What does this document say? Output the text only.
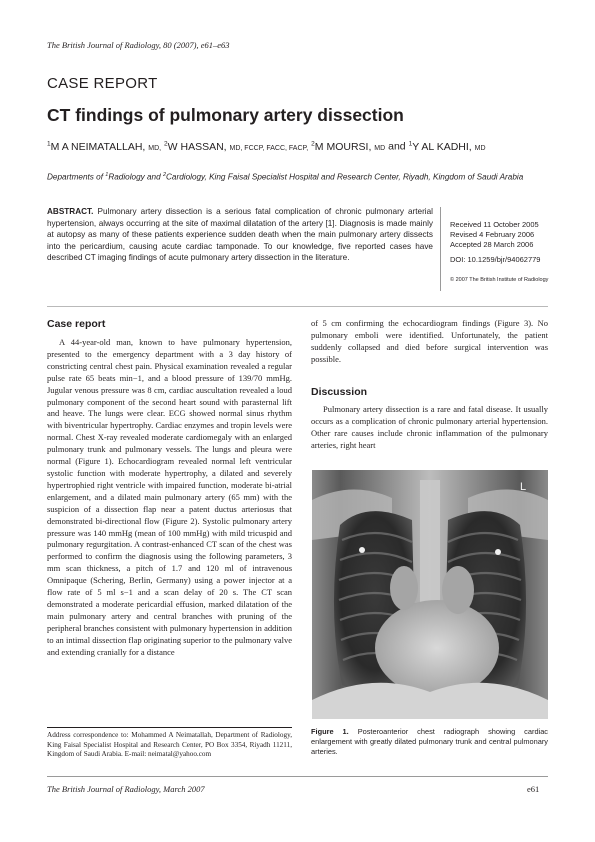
The British Journal of Radiology, 80 (2007), e61–e63
CASE REPORT
CT findings of pulmonary artery dissection
$^1$M A NEIMATALLAH, MD, $^2$W HASSAN, MD, FCCP, FACC, FACP, $^2$M MOURSI, MD and $^1$Y AL KADHI, MD
Departments of $^1$Radiology and $^2$Cardiology, King Faisal Specialist Hospital and Research Center, Riyadh, Kingdom of Saudi Arabia
ABSTRACT. Pulmonary artery dissection is a serious fatal complication of chronic pulmonary arterial hypertension, always occurring at the site of maximal dilatation of the artery [1]. Diagnosis is made mainly at autopsy as many of these patients experience sudden death when the main pulmonary artery dissects into the pericardium, causing acute cardiac tamponade. To our knowledge, five reported cases have described CT imaging findings of acute pulmonary artery dissection in the literature.
Received 11 October 2005
Revised 4 February 2006
Accepted 28 March 2006
DOI: 10.1259/bjr/94062779
© 2007 The British Institute of Radiology
Case report

A 44-year-old man, known to have pulmonary hypertension, presented to the emergency department with a 3 day history of constricting central chest pain. Physical examination revealed a regular pulse rate 65 beats min−1, and a blood pressure of 139/70 mmHg. Jugular venous pressure was 8 cm, cardiac auscultation revealed a loud pulmonary component of the second heart sound with parasternal lift and heave. The lungs were clear. ECG showed normal sinus rhythm with biventricular hypertrophy. Cardiac enzymes and tropin levels were normal. Chest X-ray revealed moderate cardiomegaly with an enlarged pulmonary trunk and pulmonary vessels. The lungs and pleura were normal (Figure 1). Echocardiogram revealed normal left ventricular systolic function with moderate hypertrophy, a dilated and severely hypertrophied right ventricle with impaired function, moderate bi-atrial enlargement, and a dilated main pulmonary artery (65 mm) with the suspicion of a dissection flap near a patent ductus arteriosus that demonstrated bi-directional flow (Figure 2). Systolic pulmonary artery pressure was 140 mmHg (mean of 100 mmHg) with mild tricuspid and pulmonary regurgitation. A contrast-enhanced CT scan of the chest was performed to confirm the diagnosis using the following parameters, 3 mm scan thickness, a pitch of 1.7 and 120 ml of intravenous Omnipaque (Schering, Berlin, Germany) using a power injector at a flow rate of 5 ml s−1 and a scan delay of 20 s. The CT scan demonstrated a moderate pericardial effusion, marked dilatation of the main pulmonary artery and central branches with pruning of the peripheral branches consistent with pulmonary hypertension in addition to an intimal dissection flap originating superior to the pulmonary valve and extending cranially for a distance

Address correspondence to: Mohammed A Neimatallah, Department of Radiology, King Faisal Specialist Hospital and Research Center, PO Box 3354, Riyadh 11211, Kingdom of Saudi Arabia. E-mail: neimatal@yahoo.com

of 5 cm confirming the echocardiogram findings (Figure 3). No pulmonary emboli were identified. Unfortunately, the patient suddenly collapsed and died before surgical intervention was possible.

Discussion

Pulmonary artery dissection is a rare and fatal disease. It usually occurs as a complication of chronic pulmonary arterial hypertension. Other rare causes include chronic inflammation of the pulmonary arteries, right heart

L
Figure 1. Posteroanterior chest radiograph showing cardiac enlargement with greatly dilated pulmonary trunk and central pulmonary arteries.
The British Journal of Radiology, March 2007	e61
